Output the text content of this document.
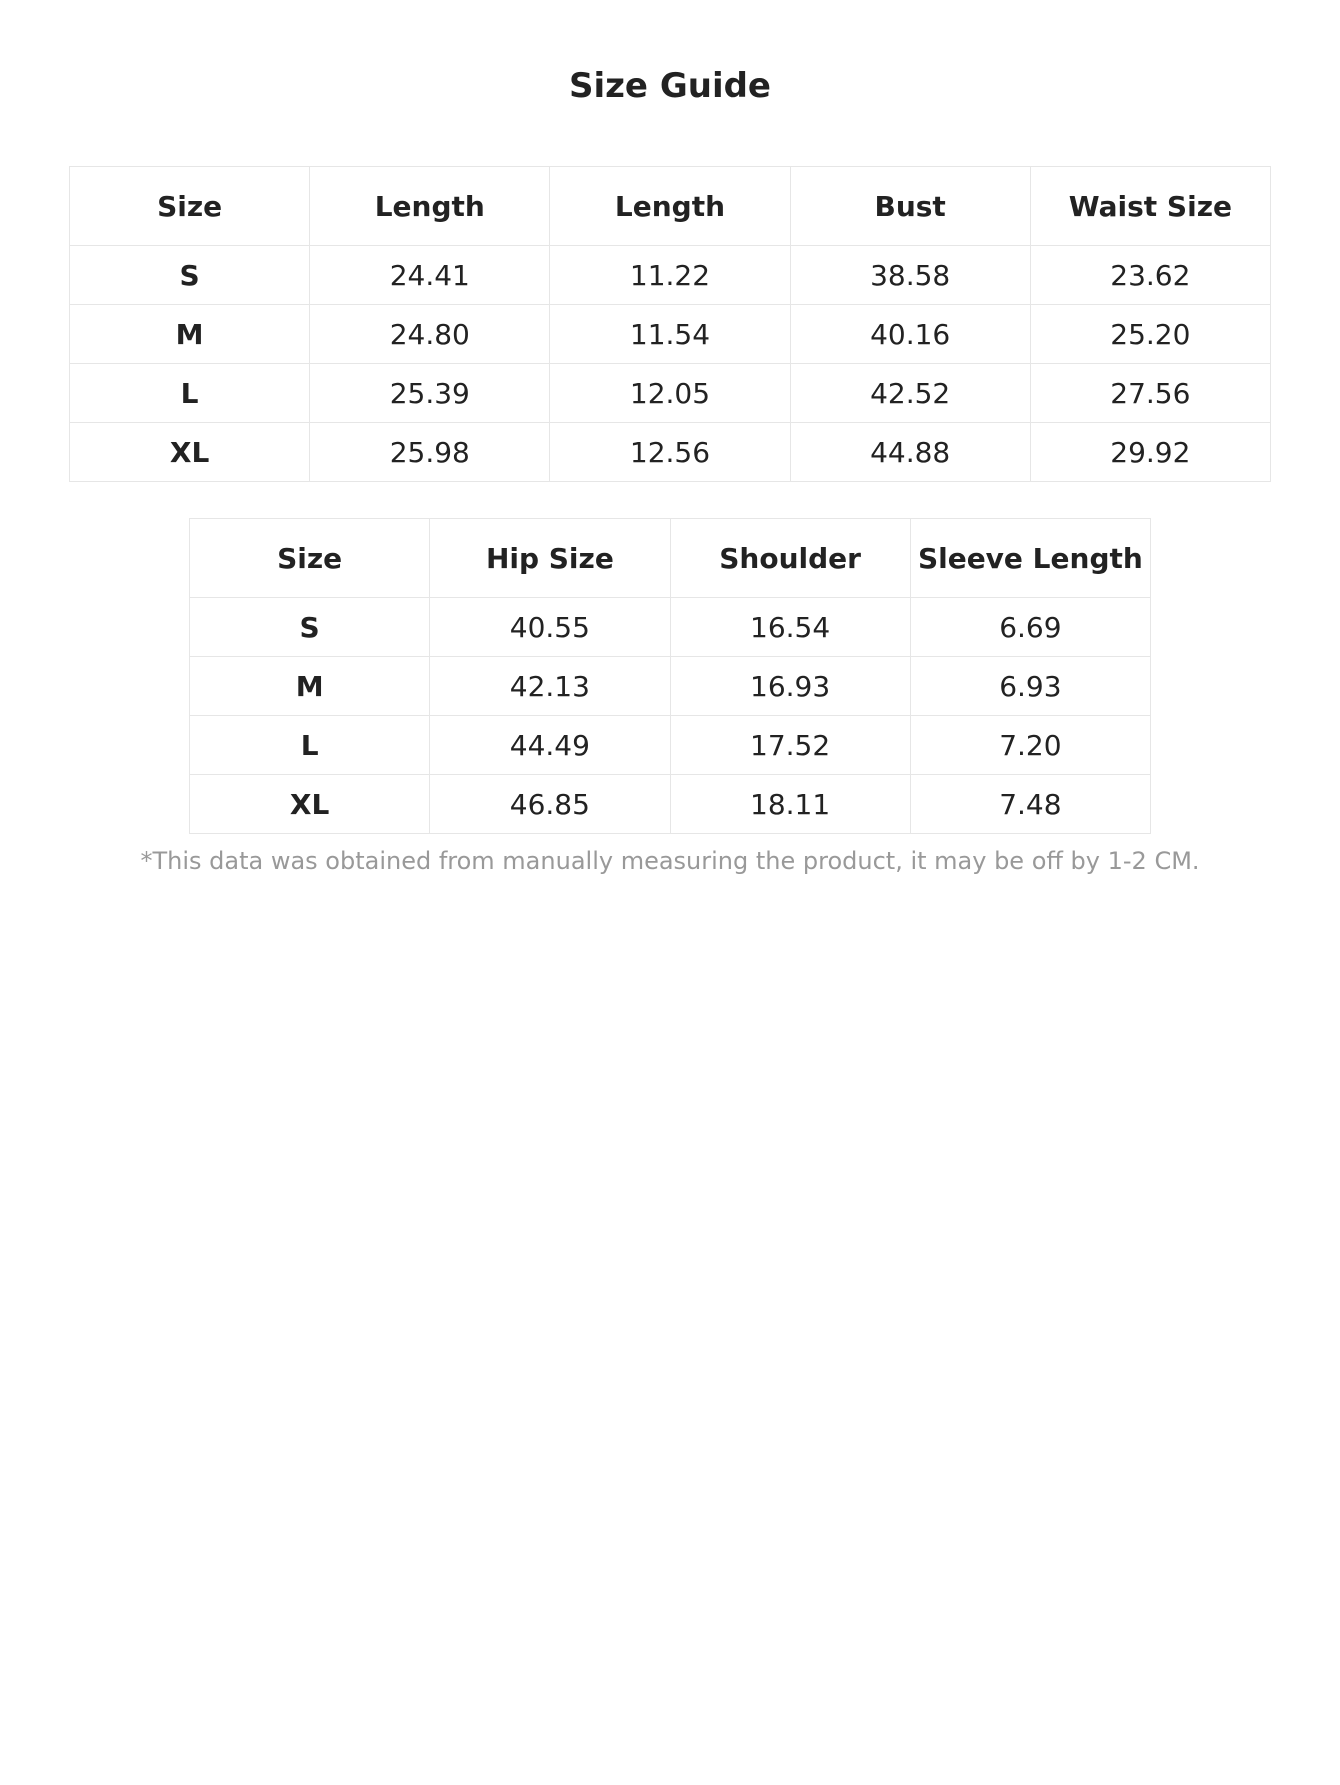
Size Guide
Size	Length	Length	Bust	Waist Size
S	24.41	11.22	38.58	23.62
M	24.80	11.54	40.16	25.20
L	25.39	12.05	42.52	27.56
XL	25.98	12.56	44.88	29.92
Size	Hip Size	Shoulder	Sleeve Length
S	40.55	16.54	6.69
M	42.13	16.93	6.93
L	44.49	17.52	7.20
XL	46.85	18.11	7.48
*This data was obtained from manually measuring the product, it may be off by 1-2 CM.
